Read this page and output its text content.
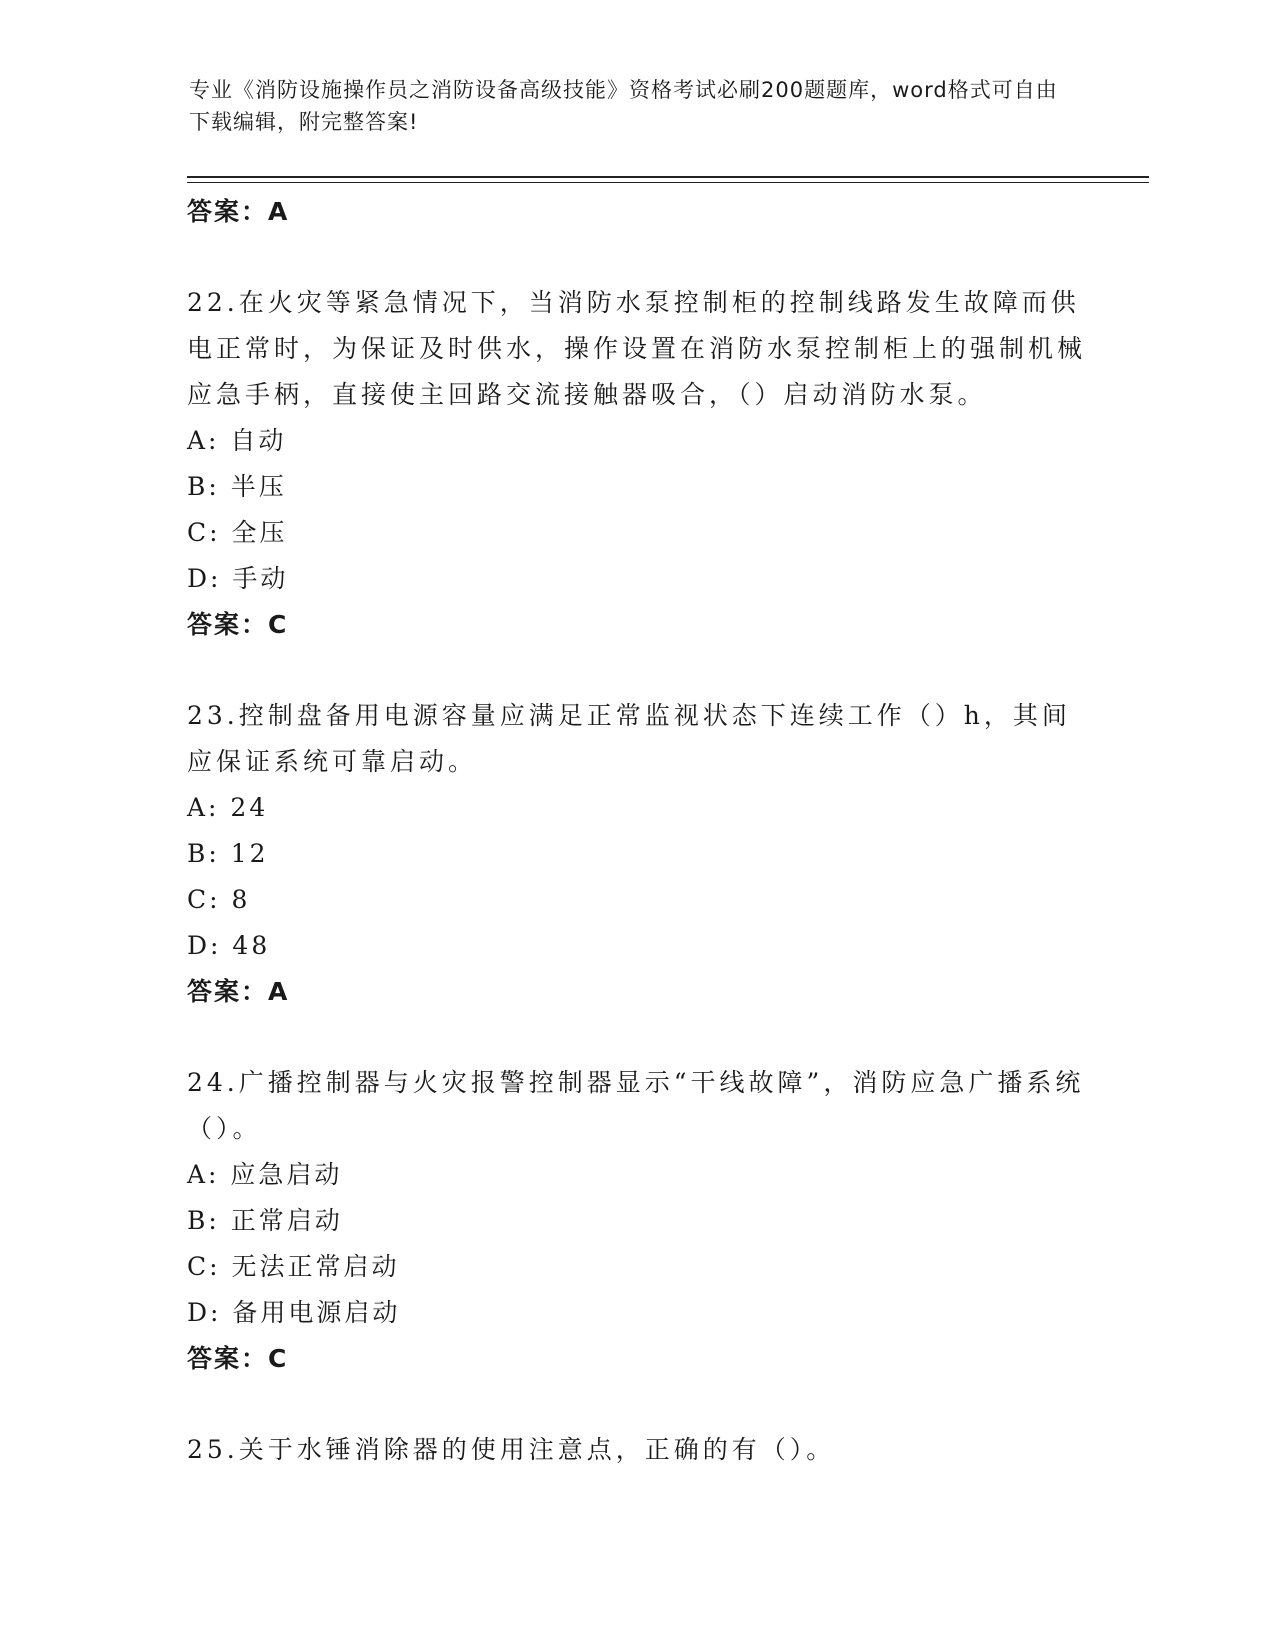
专业《消防设施操作员之消防设备高级技能》资格考试必刷200题题库，word格式可自由下载编辑，附完整答案!

答案：A

22.在火灾等紧急情况下，当消防水泵控制柜的控制线路发生故障而供电正常时，为保证及时供水，操作设置在消防水泵控制柜上的强制机械应急手柄，直接使主回路交流接触器吸合，（）启动消防水泵。

A: 自动

B: 半压

C: 全压

D: 手动

答案：C

23.控制盘备用电源容量应满足正常监视状态下连续工作（）h，其间应保证系统可靠启动。

A: 24

B: 12

C: 8

D: 48

答案：A

24.广播控制器与火灾报警控制器显示“干线故障”，消防应急广播系统（）。

A: 应急启动

B: 正常启动

C: 无法正常启动

D: 备用电源启动

答案：C

25.关于水锤消除器的使用注意点，正确的有（）。
